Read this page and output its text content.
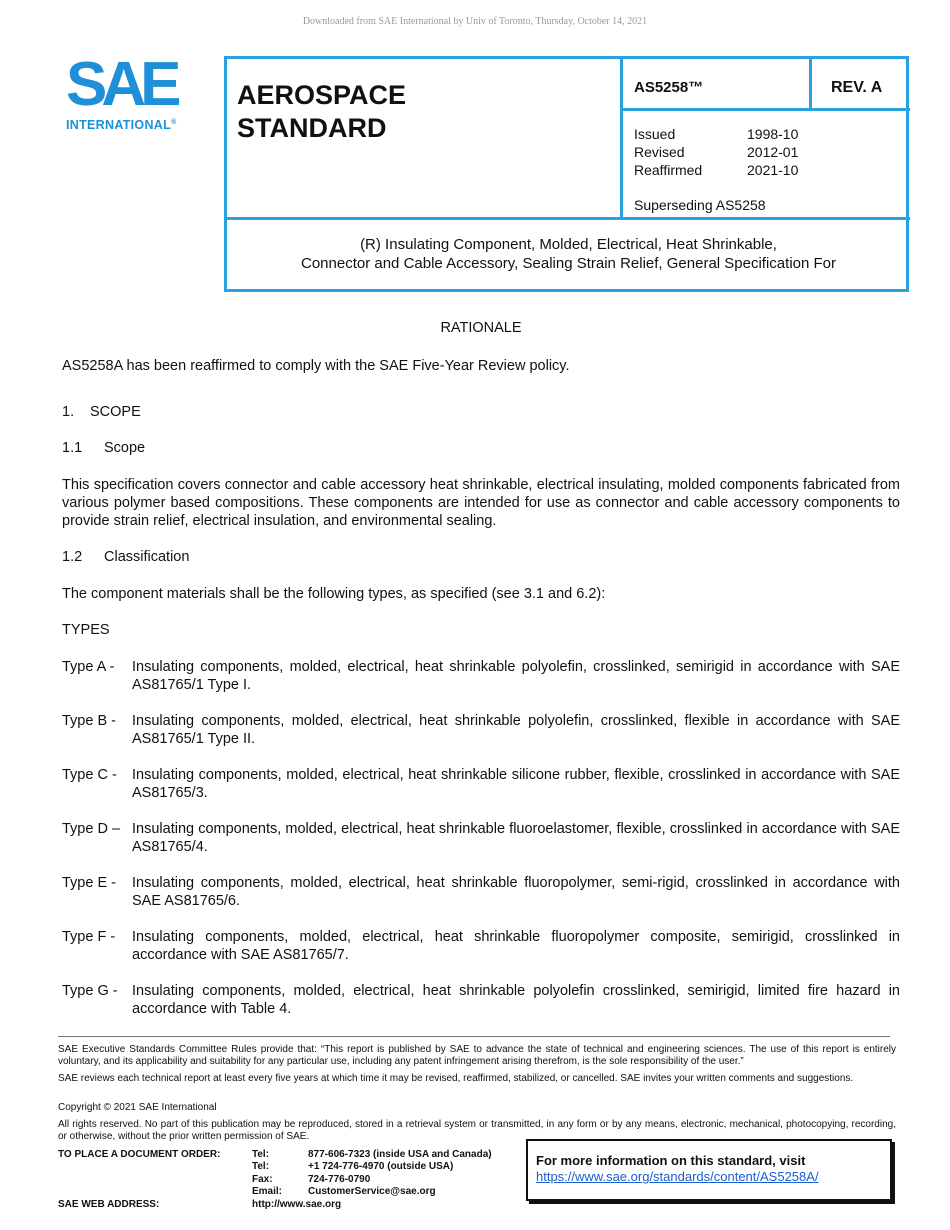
Downloaded from SAE International by Univ of Toronto, Thursday, October 14, 2021
SAE
INTERNATIONAL®
AEROSPACE
STANDARD
AS5258™	REV. A
Issued	1998-10
Revised	2012-01
Reaffirmed	2021-10
Superseding AS5258
(R) Insulating Component, Molded, Electrical, Heat Shrinkable,
Connector and Cable Accessory, Sealing Strain Relief, General Specification For
RATIONALE
AS5258A has been reaffirmed to comply with the SAE Five-Year Review policy.
1. SCOPE
1.1 Scope
This specification covers connector and cable accessory heat shrinkable, electrical insulating, molded components fabricated from various polymer based compositions. These components are intended for use as connector and cable accessory components to provide strain relief, electrical insulation, and environmental sealing.
1.2 Classification
The component materials shall be the following types, as specified (see 3.1 and 6.2):
TYPES
Type A -	Insulating components, molded, electrical, heat shrinkable polyolefin, crosslinked, semirigid in accordance with SAE AS81765/1 Type I.
Type B -	Insulating components, molded, electrical, heat shrinkable polyolefin, crosslinked, flexible in accordance with SAE AS81765/1 Type II.
Type C -	Insulating components, molded, electrical, heat shrinkable silicone rubber, flexible, crosslinked in accordance with SAE AS81765/3.
Type D – Insulating components, molded, electrical, heat shrinkable fluoroelastomer, flexible, crosslinked in accordance with SAE AS81765/4.
Type E -	Insulating components, molded, electrical, heat shrinkable fluoropolymer, semi-rigid, crosslinked in accordance with SAE AS81765/6.
Type F -	Insulating components, molded, electrical, heat shrinkable fluoropolymer composite, semirigid, crosslinked in accordance with SAE AS81765/7.
Type G - Insulating components, molded, electrical, heat shrinkable polyolefin crosslinked, semirigid, limited fire hazard in accordance with Table 4.
SAE Executive Standards Committee Rules provide that: “This report is published by SAE to advance the state of technical and engineering sciences. The use of this report is entirely voluntary, and its applicability and suitability for any particular use, including any patent infringement arising therefrom, is the sole responsibility of the user.”
SAE reviews each technical report at least every five years at which time it may be revised, reaffirmed, stabilized, or cancelled. SAE invites your written comments and suggestions.
Copyright © 2021 SAE International
All rights reserved. No part of this publication may be reproduced, stored in a retrieval system or transmitted, in any form or by any means, electronic, mechanical, photocopying, recording, or otherwise, without the prior written permission of SAE.
TO PLACE A DOCUMENT ORDER:	Tel:	877-606-7323 (inside USA and Canada)
Tel:	+1 724-776-4970 (outside USA)
Fax:	724-776-0790
Email:	CustomerService@sae.org
SAE WEB ADDRESS:	http://www.sae.org
For more information on this standard, visit
https://www.sae.org/standards/content/AS5258A/
